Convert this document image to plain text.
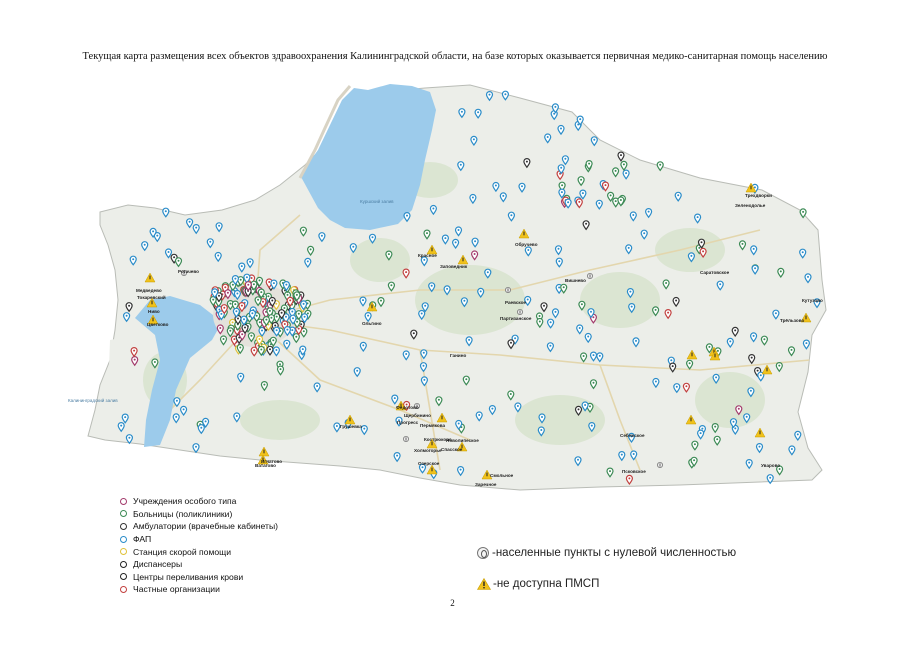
Текущая карта размещения всех объектов здравоохранения Калининградской области, на базе которых оказывается первичная медико-санитарная помощь населению
Куршский залив
Калининградский залив
Рогачево
Медведево
Токаревский
Ниво
Цветково
Красное
Заповедник
Ольгино
Раевское
Партизанское
Обручево
Вишнево
Саратовское
Зеленодолье
Трехдворки
Кутузово
Трёльзово
Ганино
Грушевка
Федотово
Щербинино
Прогресс
Пермякова
Кострюково
Новолипеское
Холмогорье
Озерское
Спасское
Заречное
Смольное
Себежское
Псковское
Уварово
Ватагово
Игнатово
Учреждения особого типа
Больницы (поликлиники)
Амбулатории (врачебные кабинеты)
ФАП
Станция скорой помощи
Диспансеры
Центры переливания крови
Частные организации
-населенные пункты с нулевой численностью
-не доступна ПМСП
2
